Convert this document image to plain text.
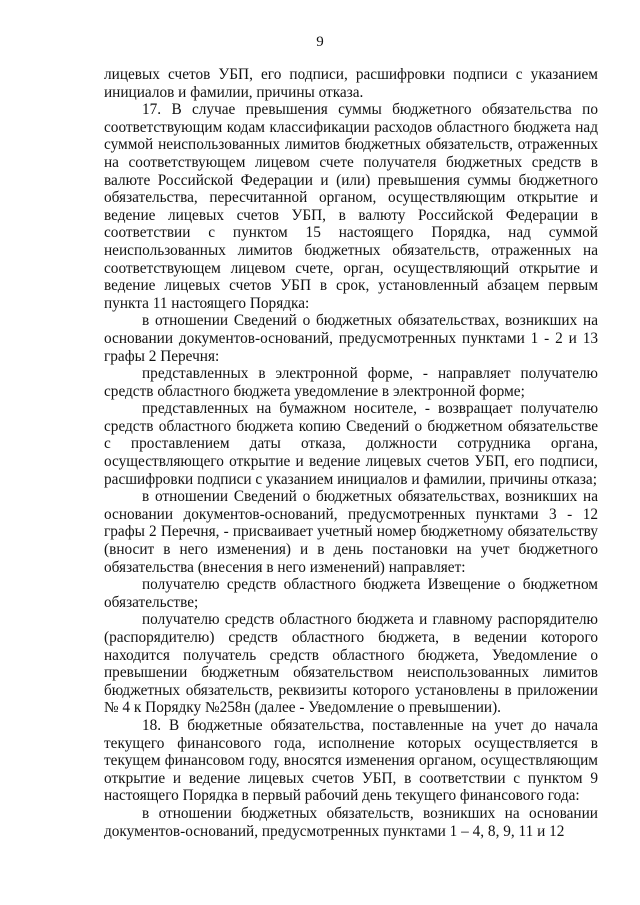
9

лицевых счетов УБП, его подписи, расшифровки подписи с указанием инициалов и фамилии, причины отказа.

17. В случае превышения суммы бюджетного обязательства по соответствующим кодам классификации расходов областного бюджета над суммой неиспользованных лимитов бюджетных обязательств, отраженных на соответствующем лицевом счете получателя бюджетных средств в валюте Российской Федерации и (или) превышения суммы бюджетного обязательства, пересчитанной органом, осуществляющим открытие и ведение лицевых счетов УБП, в валюту Российской Федерации в соответствии с пунктом 15 настоящего Порядка, над суммой неиспользованных лимитов бюджетных обязательств, отраженных на соответствующем лицевом счете, орган, осуществляющий открытие и ведение лицевых счетов УБП в срок, установленный абзацем первым пункта 11 настоящего Порядка:

в отношении Сведений о бюджетных обязательствах, возникших на основании документов-оснований, предусмотренных пунктами 1 - 2 и 13 графы 2 Перечня:

представленных в электронной форме, - направляет получателю средств областного бюджета уведомление в электронной форме;

представленных на бумажном носителе, - возвращает получателю средств областного бюджета копию Сведений о бюджетном обязательстве с проставлением даты отказа, должности сотрудника органа, осуществляющего открытие и ведение лицевых счетов УБП, его подписи, расшифровки подписи с указанием инициалов и фамилии, причины отказа;

в отношении Сведений о бюджетных обязательствах, возникших на основании документов-оснований, предусмотренных пунктами 3 - 12 графы 2 Перечня, - присваивает учетный номер бюджетному обязательству (вносит в него изменения) и в день постановки на учет бюджетного обязательства (внесения в него изменений) направляет:

получателю средств областного бюджета Извещение о бюджетном обязательстве;

получателю средств областного бюджета и главному распорядителю (распорядителю) средств областного бюджета, в ведении которого находится получатель средств областного бюджета, Уведомление о превышении бюджетным обязательством неиспользованных лимитов бюджетных обязательств, реквизиты которого установлены в приложении № 4 к Порядку №258н (далее - Уведомление о превышении).

18. В бюджетные обязательства, поставленные на учет до начала текущего финансового года, исполнение которых осуществляется в текущем финансовом году, вносятся изменения органом, осуществляющим открытие и ведение лицевых счетов УБП, в соответствии с пунктом 9 настоящего Порядка в первый рабочий день текущего финансового года:

в отношении бюджетных обязательств, возникших на основании документов-оснований, предусмотренных пунктами 1 – 4, 8, 9, 11 и 12
